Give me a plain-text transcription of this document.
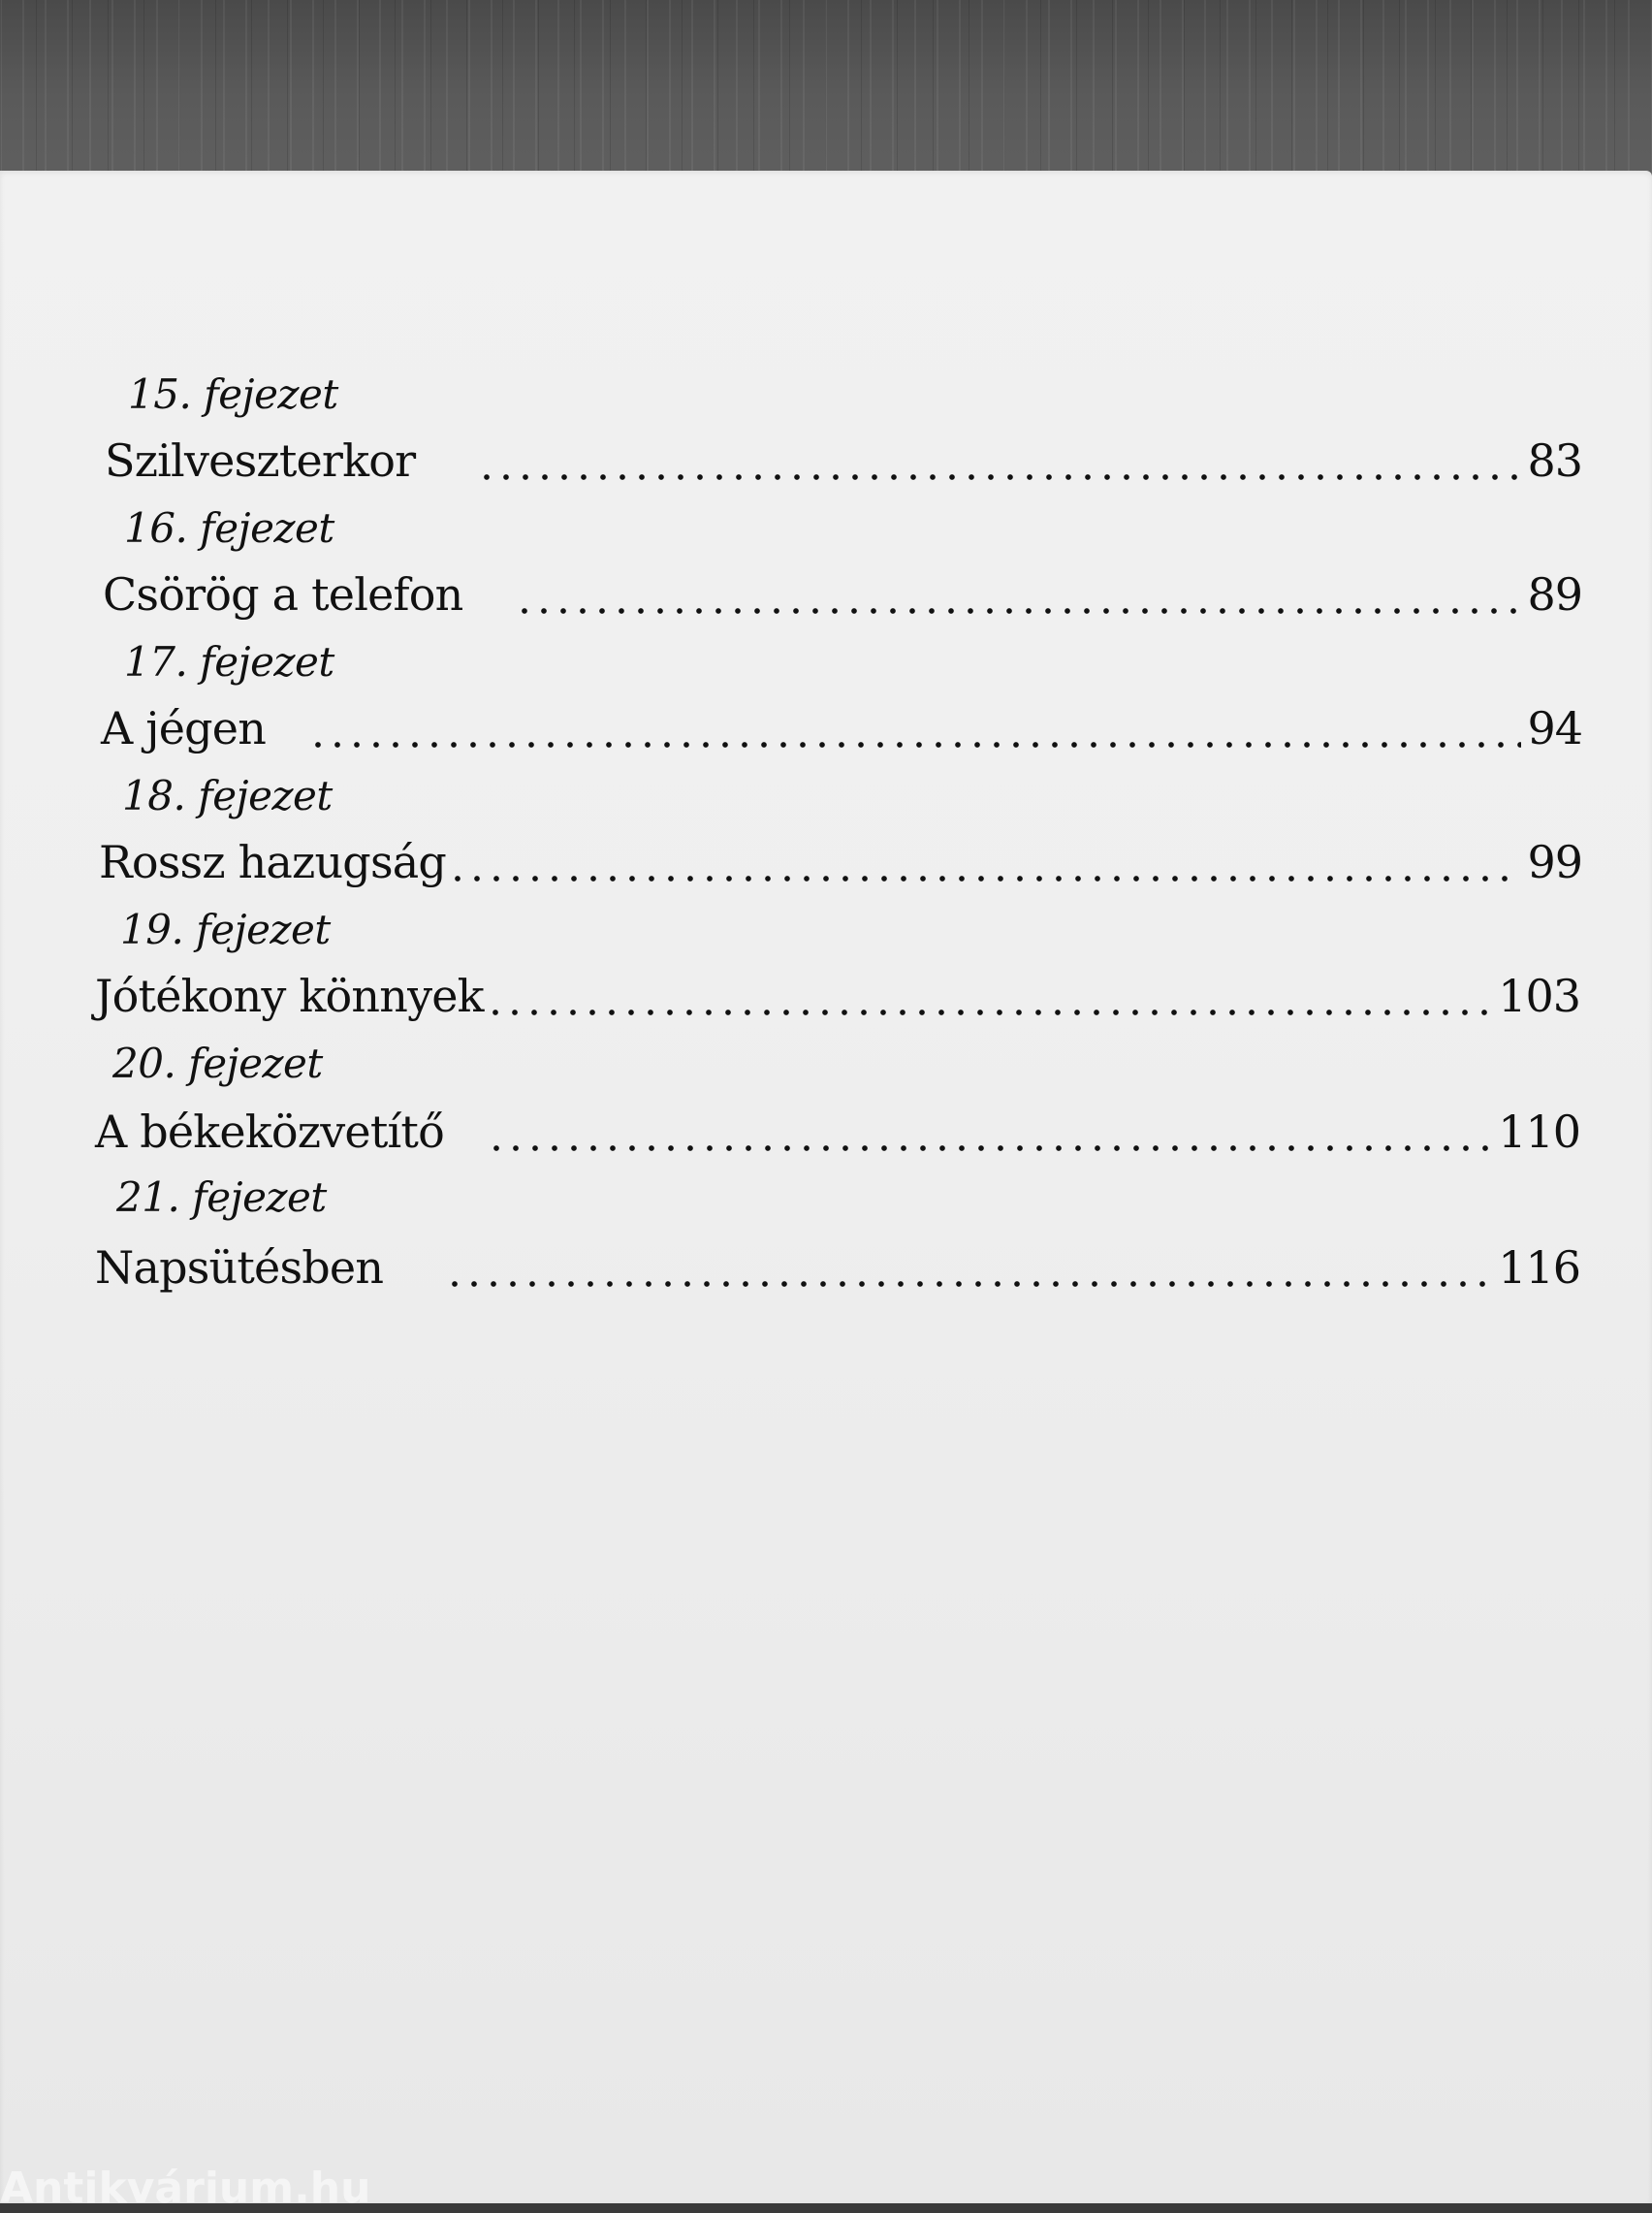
15. fejezet
Szilveszterkor	83
16. fejezet
Csörög a telefon	89
17. fejezet
A jégen	94
18. fejezet
Rossz hazugság	99
19. fejezet
Jótékony könnyek	103
20. fejezet
A békeközvetítő	110
21. fejezet
Napsütésben	116
Antikvárium.hu
